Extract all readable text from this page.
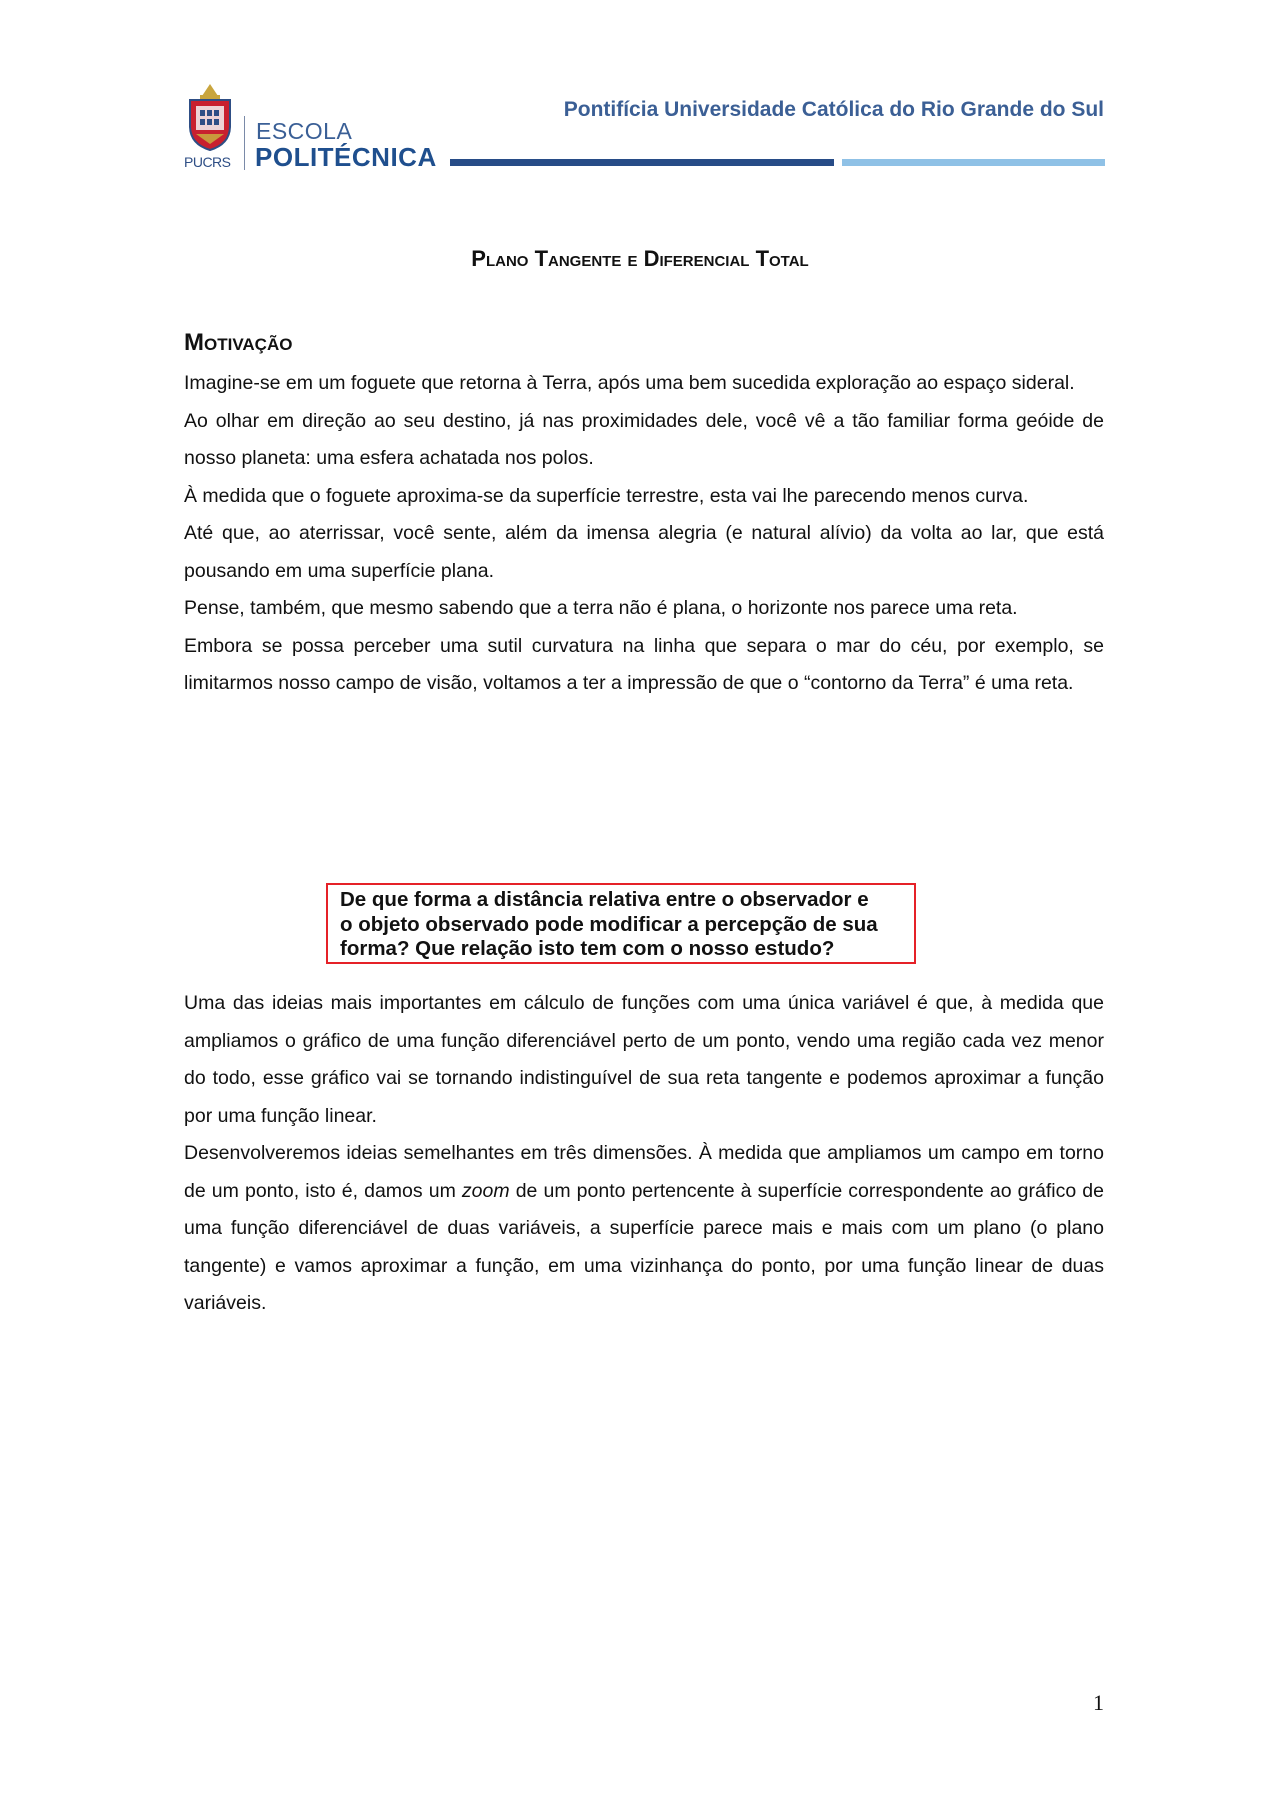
PUCRS
ESCOLA
POLITÉCNICA
Pontifícia Universidade Católica do Rio Grande do Sul
Plano Tangente e Diferencial Total
Motivação

Imagine-se em um foguete que retorna à Terra, após uma bem sucedida exploração ao espaço sideral.

Ao olhar em direção ao seu destino, já nas proximidades dele, você vê a tão familiar forma geóide de nosso planeta: uma esfera achatada nos polos.

À medida que o foguete aproxima-se da superfície terrestre, esta vai lhe parecendo menos curva.

Até que, ao aterrissar, você sente, além da imensa alegria (e natural alívio) da volta ao lar, que está pousando em uma superfície plana.

Pense, também, que mesmo sabendo que a terra não é plana, o horizonte nos parece uma reta.

Embora se possa perceber uma sutil curvatura na linha que separa o mar do céu, por exemplo, se limitarmos nosso campo de visão, voltamos a ter a impressão de que o “contorno da Terra” é uma reta.

De que forma a distância relativa entre o observador e
o objeto observado pode modificar a percepção de sua
forma? Que relação isto tem com o nosso estudo?

Uma das ideias mais importantes em cálculo de funções com uma única variável é que, à medida que ampliamos o gráfico de uma função diferenciável perto de um ponto, vendo uma região cada vez menor do todo, esse gráfico vai se tornando indistinguível de sua reta tangente e podemos aproximar a função por uma função linear.

Desenvolveremos ideias semelhantes em três dimensões. À medida que ampliamos um campo em torno de um ponto, isto é, damos um zoom de um ponto pertencente à superfície correspondente ao gráfico de uma função diferenciável de duas variáveis, a superfície parece mais e mais com um plano (o plano tangente) e vamos aproximar a função, em uma vizinhança do ponto, por uma função linear de duas variáveis.

1
